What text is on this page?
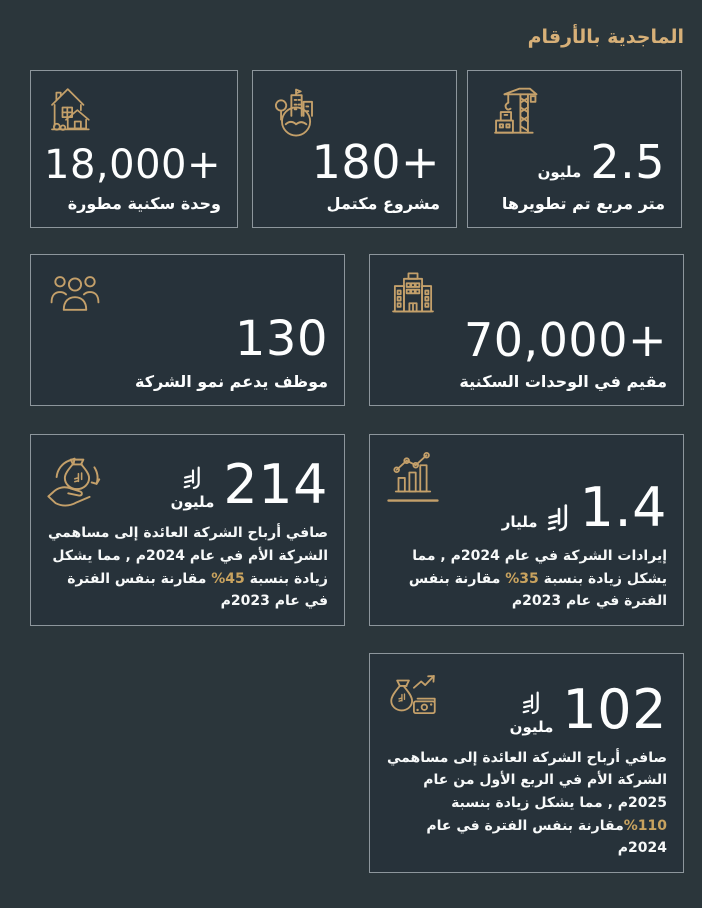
الماجدية بالأرقام
18,000+
وحدة سكنية مطورة
180+
مشروع مكتمل
2.5
مليون
متر مربع تم تطويرها
130
موظف يدعم نمو الشركة
70,000+
مقيم في الوحدات السكنية
214
مليون

صافي أرباح الشركة العائدة إلى مساهمي الشركة الأم في عام 2024م , مما يشكل زيادة بنسبة %45 مقارنة بنفس الفترة في عام 2023م

1.4
مليار

إيرادات الشركة في عام 2024م , مما يشكل زيادة بنسبة %35 مقارنة بنفس الفترة في عام 2023م

102
مليون

صافي أرباح الشركة العائدة إلى مساهمي الشركة الأم في الربع الأول من عام 2025م , مما يشكل زيادة بنسبة %110مقارنة بنفس الفترة في عام 2024م
